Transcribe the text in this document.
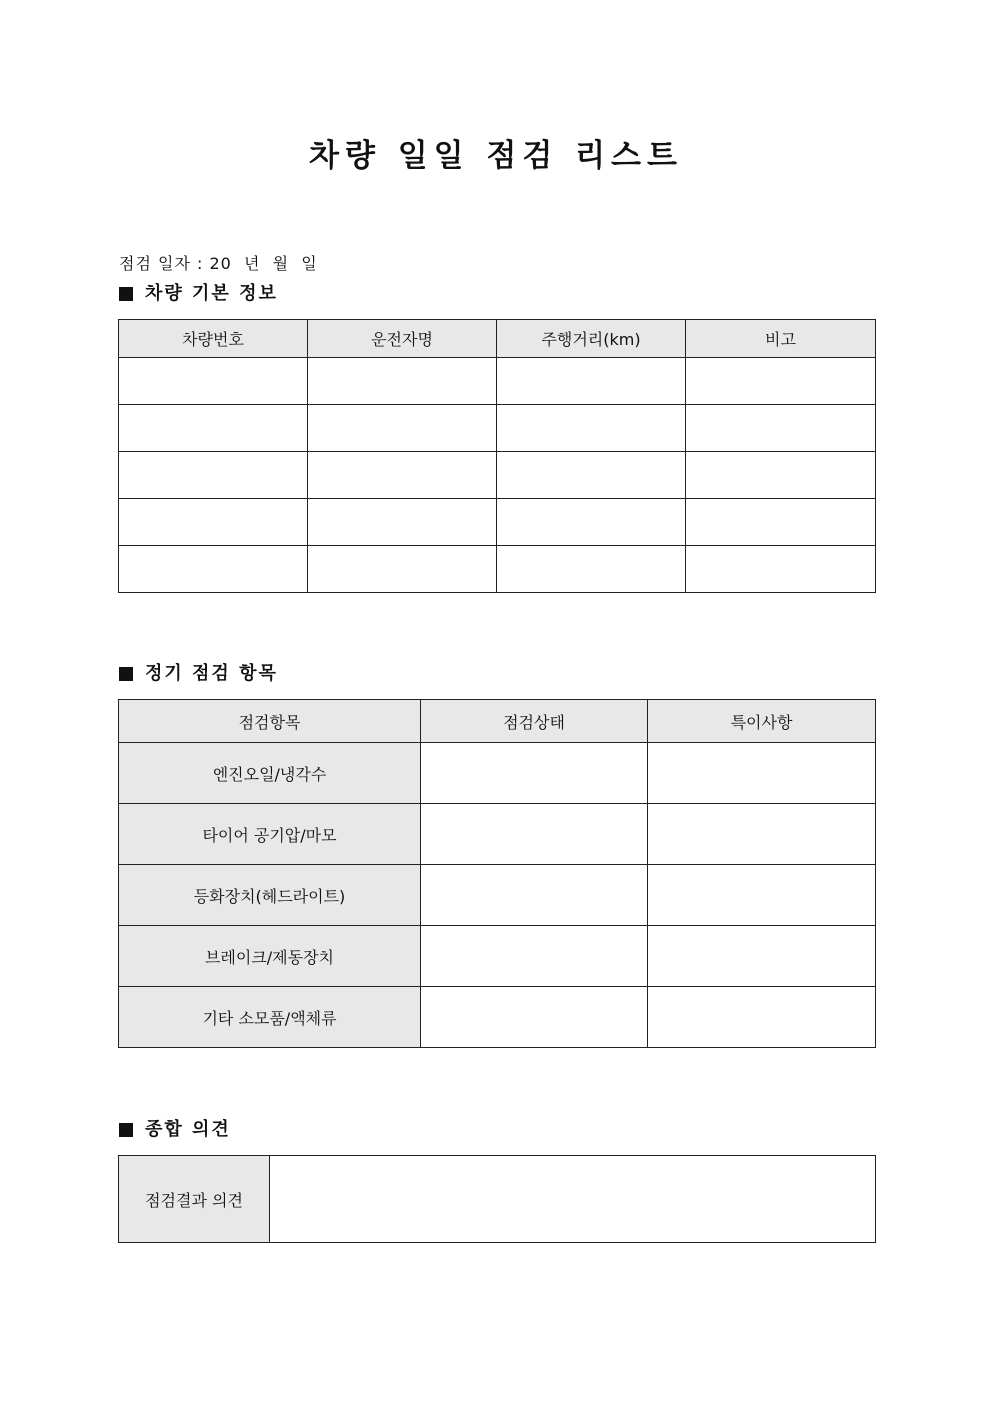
차량 일일 점검 리스트
점검 일자 : 20  년  월  일
차량 기본 정보
차량번호	운전자명	주행거리(km)	비고

정기 점검 항목
점검항목	점검상태	특이사항
엔진오일/냉각수		
타이어 공기압/마모		
등화장치(헤드라이트)		
브레이크/제동장치		
기타 소모품/액체류		
종합 의견
점검결과 의견	
